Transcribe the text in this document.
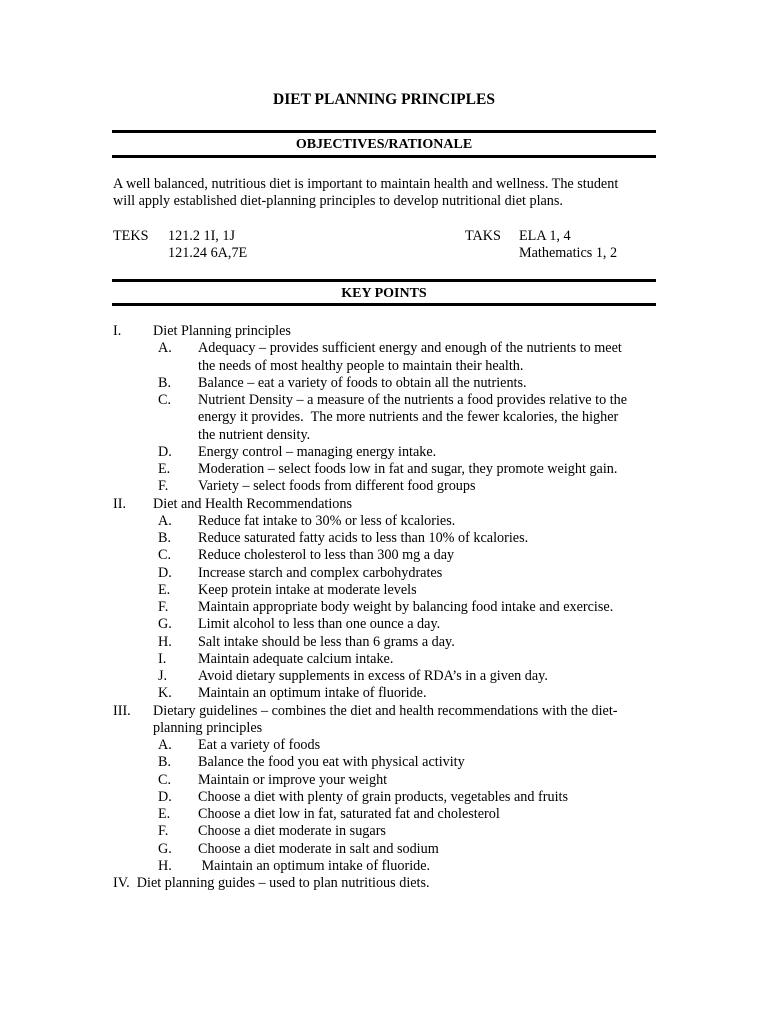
DIET PLANNING PRINCIPLES
OBJECTIVES/RATIONALE
A well balanced, nutritious diet is important to maintain health and wellness. The student
will apply established diet-planning principles to develop nutritional diet plans.
TEKS 121.2 1I, 1J
121.24 6A,7E
TAKS ELA 1, 4
Mathematics 1, 2
KEY POINTS
I. Diet Planning principles
A. Adequacy – provides sufficient energy and enough of the nutrients to meet
the needs of most healthy people to maintain their health.
B. Balance – eat a variety of foods to obtain all the nutrients.
C. Nutrient Density – a measure of the nutrients a food provides relative to the
energy it provides.  The more nutrients and the fewer kcalories, the higher
the nutrient density.
D. Energy control – managing energy intake.
E. Moderation – select foods low in fat and sugar, they promote weight gain.
F. Variety – select foods from different food groups
II. Diet and Health Recommendations
A. Reduce fat intake to 30% or less of kcalories.
B. Reduce saturated fatty acids to less than 10% of kcalories.
C. Reduce cholesterol to less than 300 mg a day
D. Increase starch and complex carbohydrates
E. Keep protein intake at moderate levels
F. Maintain appropriate body weight by balancing food intake and exercise.
G. Limit alcohol to less than one ounce a day.
H. Salt intake should be less than 6 grams a day.
I. Maintain adequate calcium intake.
J. Avoid dietary supplements in excess of RDA’s in a given day.
K. Maintain an optimum intake of fluoride.
III. Dietary guidelines – combines the diet and health recommendations with the diet-
planning principles
A. Eat a variety of foods
B. Balance the food you eat with physical activity
C. Maintain or improve your weight
D. Choose a diet with plenty of grain products, vegetables and fruits
E. Choose a diet low in fat, saturated fat and cholesterol
F. Choose a diet moderate in sugars
G. Choose a diet moderate in salt and sodium
H. Maintain an optimum intake of fluoride.
IV.  Diet planning guides – used to plan nutritious diets.
